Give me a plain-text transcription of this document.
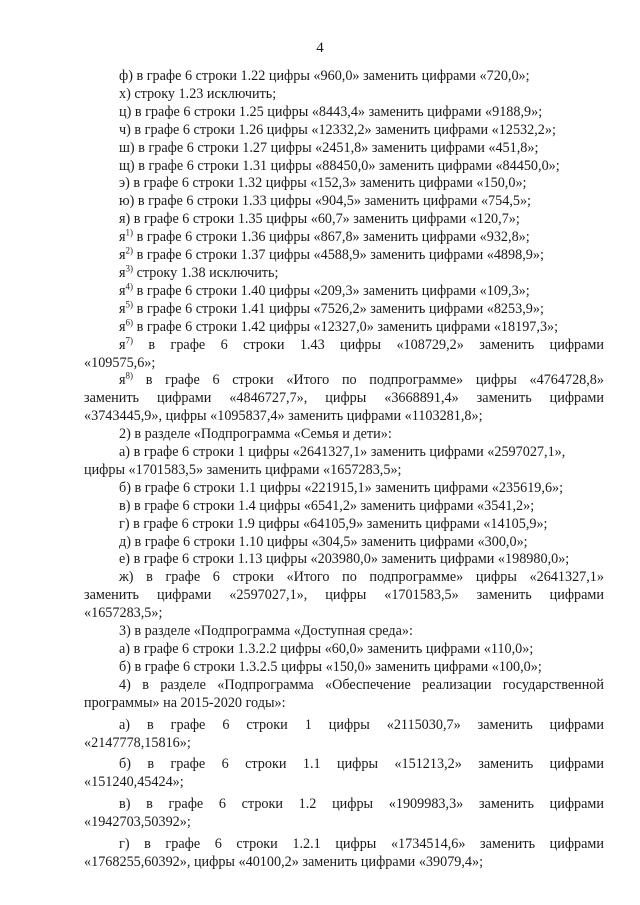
4
ф) в графе 6 строки 1.22 цифры «960,0» заменить цифрами «720,0»;
х) строку 1.23 исключить;
ц) в графе 6 строки 1.25 цифры «8443,4» заменить цифрами «9188,9»;
ч) в графе 6 строки 1.26 цифры «12332,2» заменить цифрами «12532,2»;
ш) в графе 6 строки 1.27 цифры «2451,8» заменить цифрами «451,8»;
щ) в графе 6 строки 1.31 цифры «88450,0» заменить цифрами «84450,0»;
э) в графе 6 строки 1.32 цифры «152,3» заменить цифрами «150,0»;
ю) в графе 6 строки 1.33 цифры «904,5» заменить цифрами «754,5»;
я) в графе 6 строки 1.35 цифры «60,7» заменить цифрами «120,7»;
$я^{1)}$ в графе 6 строки 1.36 цифры «867,8» заменить цифрами «932,8»;
$я^{2)}$ в графе 6 строки 1.37 цифры «4588,9» заменить цифрами «4898,9»;
$я^{3)}$ строку 1.38 исключить;
$я^{4)}$ в графе 6 строки 1.40 цифры «209,3» заменить цифрами «109,3»;
$я^{5)}$ в графе 6 строки 1.41 цифры «7526,2» заменить цифрами «8253,9»;
$я^{6)}$ в графе 6 строки 1.42 цифры «12327,0» заменить цифрами «18197,3»;
$я^{7)}$ в графе 6 строки 1.43 цифры «108729,2» заменить цифрами
«109575,6»;
$я^{8)}$ в графе 6 строки «Итого по подпрограмме» цифры «4764728,8»
заменить цифрами «4846727,7», цифры «3668891,4» заменить цифрами
«3743445,9», цифры «1095837,4» заменить цифрами «1103281,8»;
2) в разделе «Подпрограмма «Семья и дети»:
а) в графе 6 строки 1 цифры «2641327,1» заменить цифрами «2597027,1»,
цифры «1701583,5» заменить цифрами «1657283,5»;
б) в графе 6 строки 1.1 цифры «221915,1» заменить цифрами «235619,6»;
в) в графе 6 строки 1.4 цифры «6541,2» заменить цифрами «3541,2»;
г) в графе 6 строки 1.9 цифры «64105,9» заменить цифрами «14105,9»;
д) в графе 6 строки 1.10 цифры «304,5» заменить цифрами «300,0»;
е) в графе 6 строки 1.13 цифры «203980,0» заменить цифрами «198980,0»;
ж) в графе 6 строки «Итого по подпрограмме» цифры «2641327,1»
заменить цифрами «2597027,1», цифры «1701583,5» заменить цифрами
«1657283,5»;
3) в разделе «Подпрограмма «Доступная среда»:
а) в графе 6 строки 1.3.2.2 цифры «60,0» заменить цифрами «110,0»;
б) в графе 6 строки 1.3.2.5 цифры «150,0» заменить цифрами «100,0»;
4) в разделе «Подпрограмма «Обеспечение реализации государственной
программы» на 2015-2020 годы»:
а) в графе 6 строки 1 цифры «2115030,7» заменить цифрами
«2147778,15816»;
б) в графе 6 строки 1.1 цифры «151213,2» заменить цифрами
«151240,45424»;
в) в графе 6 строки 1.2 цифры «1909983,3» заменить цифрами
«1942703,50392»;
г) в графе 6 строки 1.2.1 цифры «1734514,6» заменить цифрами
«1768255,60392», цифры «40100,2» заменить цифрами «39079,4»;
